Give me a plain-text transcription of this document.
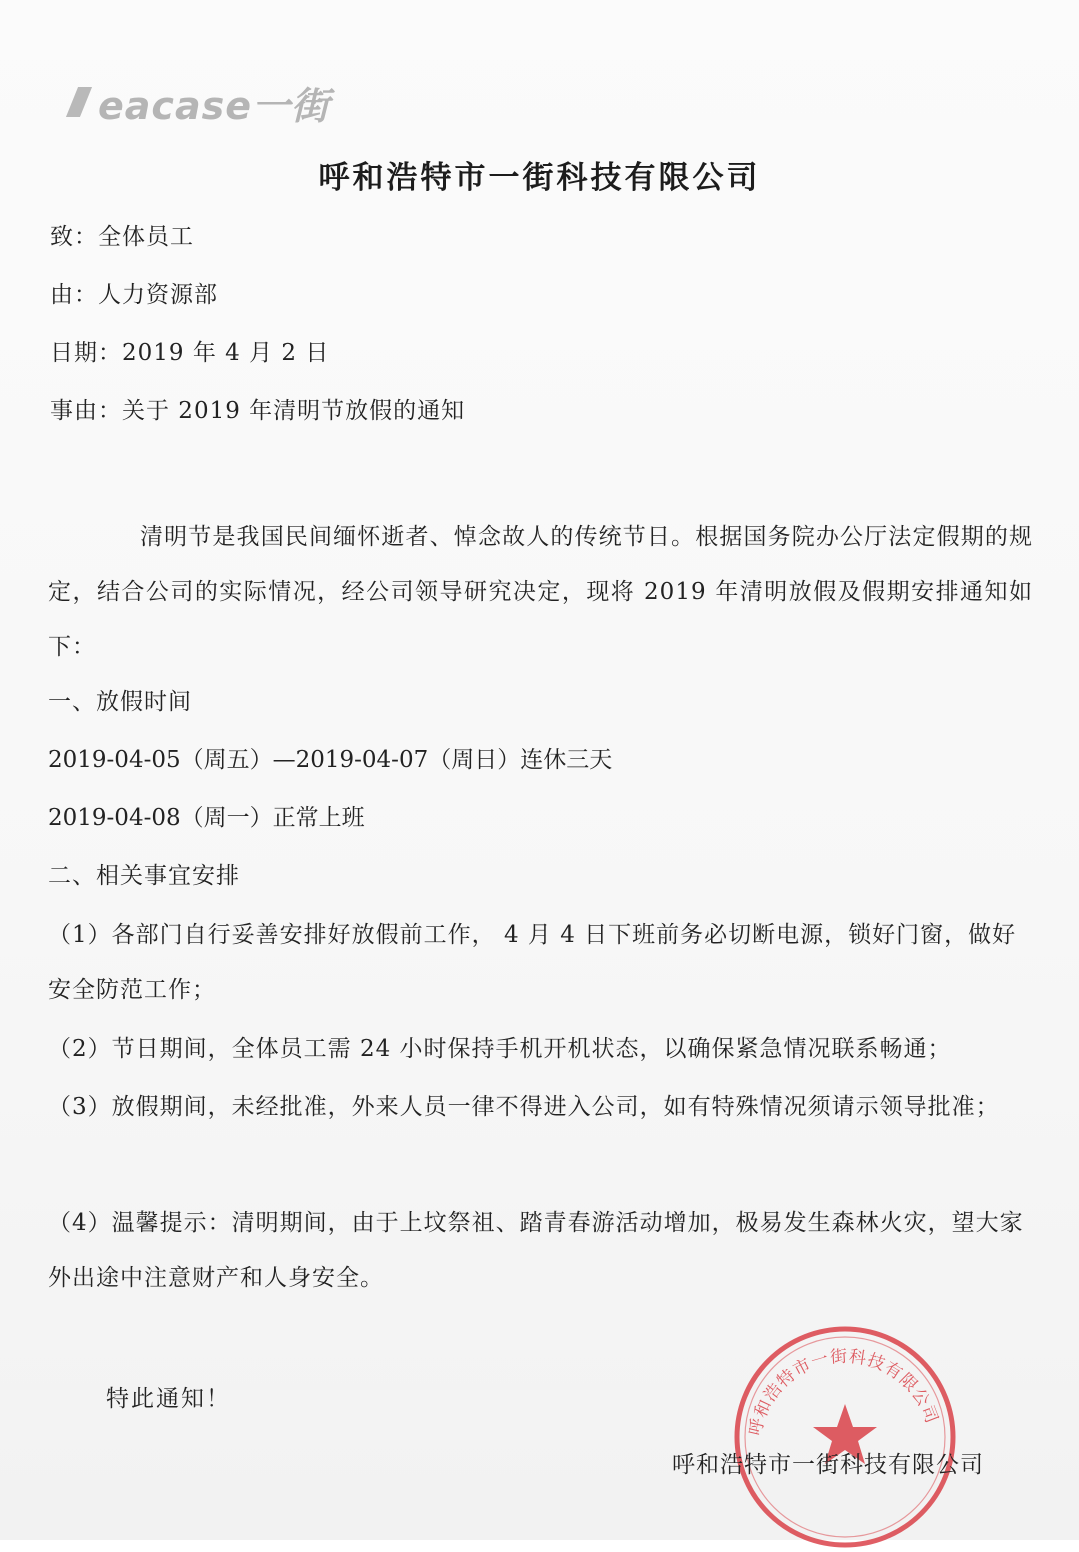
eacase一街
呼和浩特市一街科技有限公司
致：全体员工
由：人力资源部
日期：2019 年 4 月 2 日
事由：关于 2019 年清明节放假的通知
清明节是我国民间缅怀逝者、悼念故人的传统节日。根据国务院办公厅法定假期的规定，结合公司的实际情况，经公司领导研究决定，现将 2019 年清明放假及假期安排通知如下：
一、放假时间
2019-04-05（周五）—2019-04-07（周日）连休三天
2019-04-08（周一）正常上班
二、相关事宜安排
（1）各部门自行妥善安排好放假前工作， 4 月 4 日下班前务必切断电源，锁好门窗，做好安全防范工作；
（2）节日期间，全体员工需 24 小时保持手机开机状态，以确保紧急情况联系畅通；
（3）放假期间，未经批准，外来人员一律不得进入公司，如有特殊情况须请示领导批准；
（4）温馨提示：清明期间，由于上坟祭祖、踏青春游活动增加，极易发生森林火灾，望大家外出途中注意财产和人身安全。
特此通知！
呼和浩特市一街科技有限公司
呼和浩特市一街科技有限公司
